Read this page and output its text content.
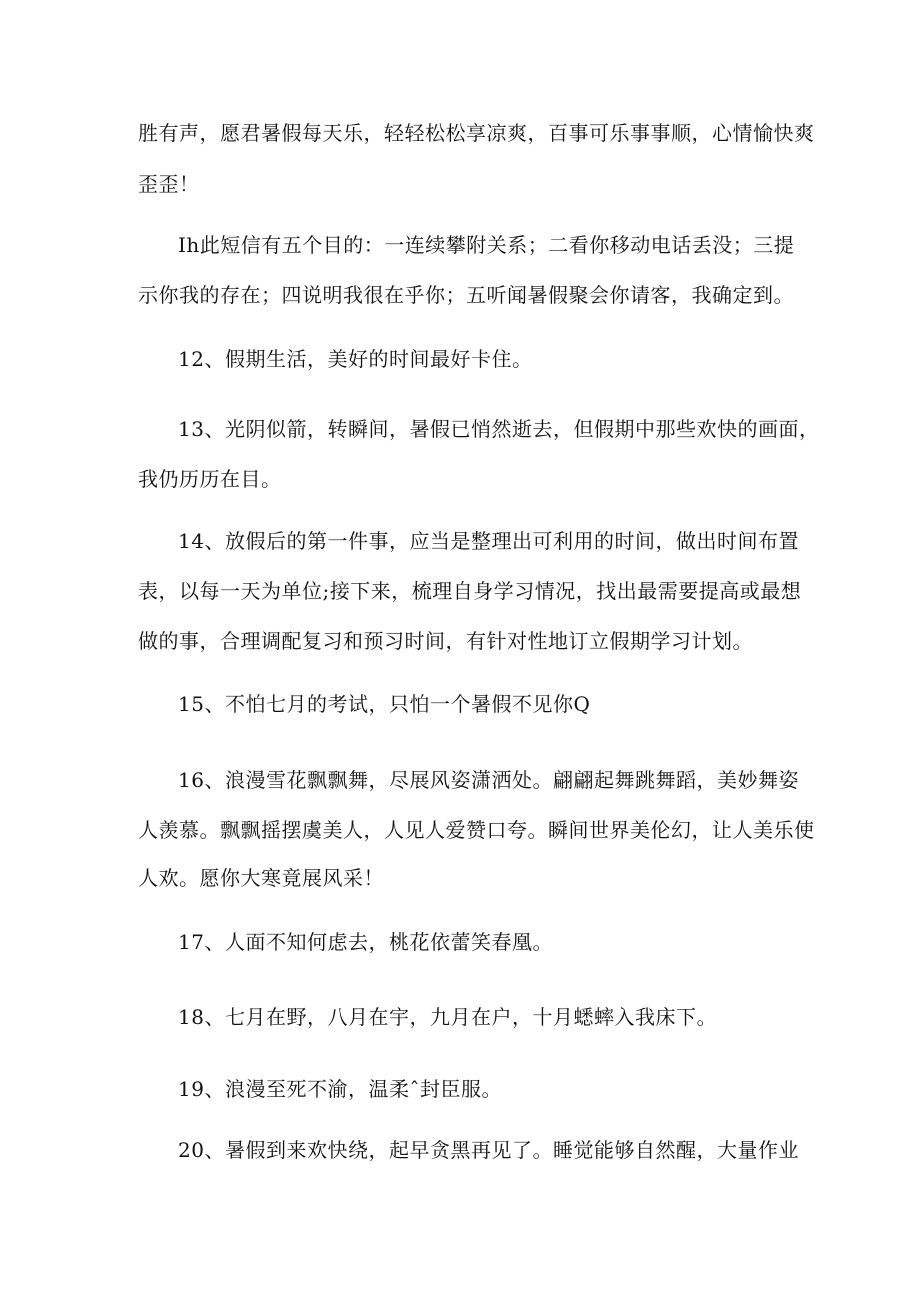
胜有声，愿君暑假每天乐，轻轻松松享凉爽，百事可乐事事顺，心情愉快爽
歪歪！
Ih此短信有五个目的：一连续攀附关系；二看你移动电话丢没；三提
示你我的存在；四说明我很在乎你；五听闻暑假聚会你请客，我确定到。
12、假期生活，美好的时间最好卡住。
13、光阴似箭，转瞬间，暑假已悄然逝去，但假期中那些欢快的画面，
我仍历历在目。
14、放假后的第一件事，应当是整理出可利用的时间，做出时间布置
表，以每一天为单位;接下来，梳理自身学习情况，找出最需要提高或最想
做的事，合理调配复习和预习时间，有针对性地订立假期学习计划。
15、不怕七月的考试，只怕一个暑假不见你Q
16、浪漫雪花飘飘舞，尽展风姿潇洒处。翩翩起舞跳舞蹈，美妙舞姿
人羡慕。飘飘摇摆虞美人，人见人爱赞口夸。瞬间世界美伦幻，让人美乐使
人欢。愿你大寒竟展风采！
17、人面不知何虑去，桃花依蕾笑春凰。
18、七月在野，八月在宇，九月在户，十月蟋蟀入我床下。
19、浪漫至死不渝，温柔ˆ封臣服。
20、暑假到来欢快绕，起早贪黑再见了。睡觉能够自然醒，大量作业
